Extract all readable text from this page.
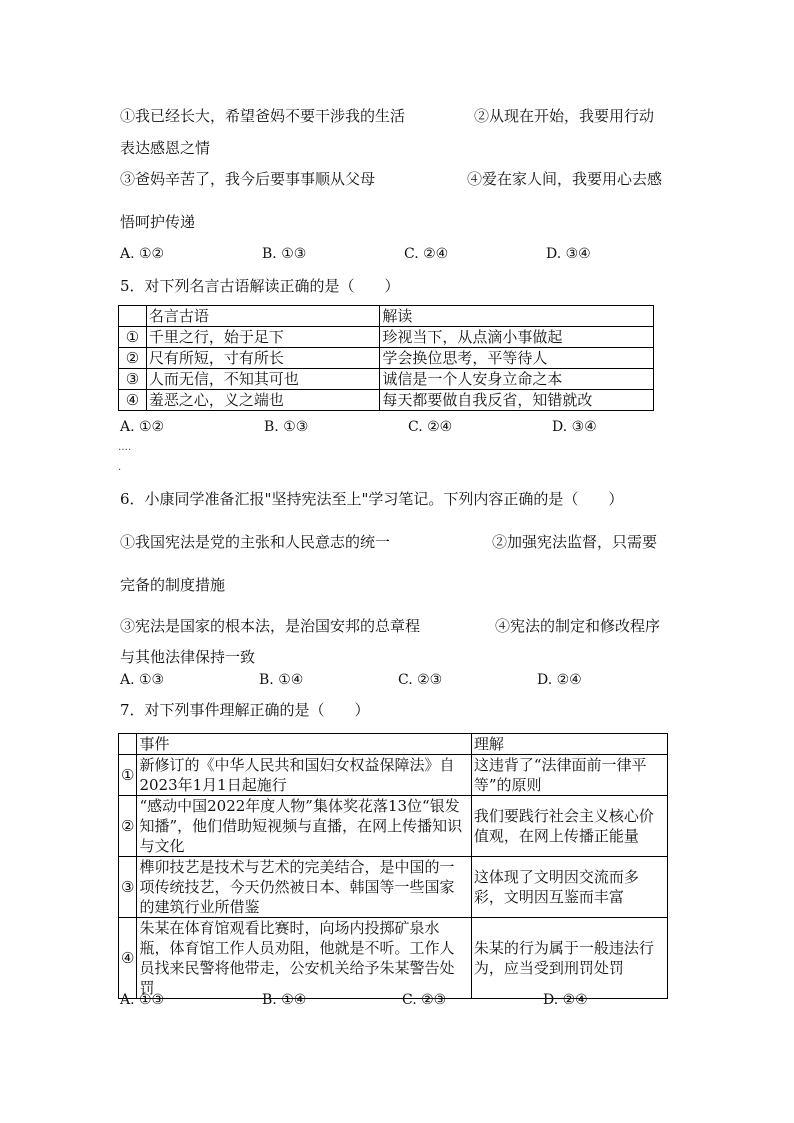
①我已经长大，希望爸妈不要干涉我的生活	②从现在开始，我要用行动
表达感恩之情
③爸妈辛苦了，我今后要事事顺从父母	④爱在家人间，我要用心去感
悟呵护传递
A. ①②	B. ①③	C. ②④	D. ③④
5．对下列名言古语解读正确的是（　　）
	名言古语	解读
①	千里之行，始于足下	珍视当下，从点滴小事做起
②	尺有所短，寸有所长	学会换位思考，平等待人
③	人而无信，不知其可也	诚信是一个人安身立命之本
④	羞恶之心，义之端也	每天都要做自我反省，知错就改
A. ①②	B. ①③	C. ②④	D. ③④
….
.
6．小康同学准备汇报"坚持宪法至上"学习笔记。下列内容正确的是（　　）
①我国宪法是党的主张和人民意志的统一	②加强宪法监督，只需要
完备的制度措施
③宪法是国家的根本法，是治国安邦的总章程	④宪法的制定和修改程序
与其他法律保持一致
A. ①③	B. ①④	C. ②③	D. ②④
7．对下列事件理解正确的是（　　）
	事件	理解
①	新修订的《中华人民共和国妇女权益保障法》自2023年1月1日起施行	这违背了“法律面前一律平等”的原则
②	“感动中国2022年度人物”集体奖花落13位“银发知播”，他们借助短视频与直播，在网上传播知识与文化	我们要践行社会主义核心价值观，在网上传播正能量
③	榫卯技艺是技术与艺术的完美结合，是中国的一项传统技艺，今天仍然被日本、韩国等一些国家的建筑行业所借鉴	这体现了文明因交流而多彩，文明因互鉴而丰富
④	朱某在体育馆观看比赛时，向场内投掷矿泉水瓶，体育馆工作人员劝阻，他就是不听。工作人员找来民警将他带走，公安机关给予朱某警告处罚	朱某的行为属于一般违法行为，应当受到刑罚处罚
A. ①③	B. ①④	C. ②③	D. ②④
